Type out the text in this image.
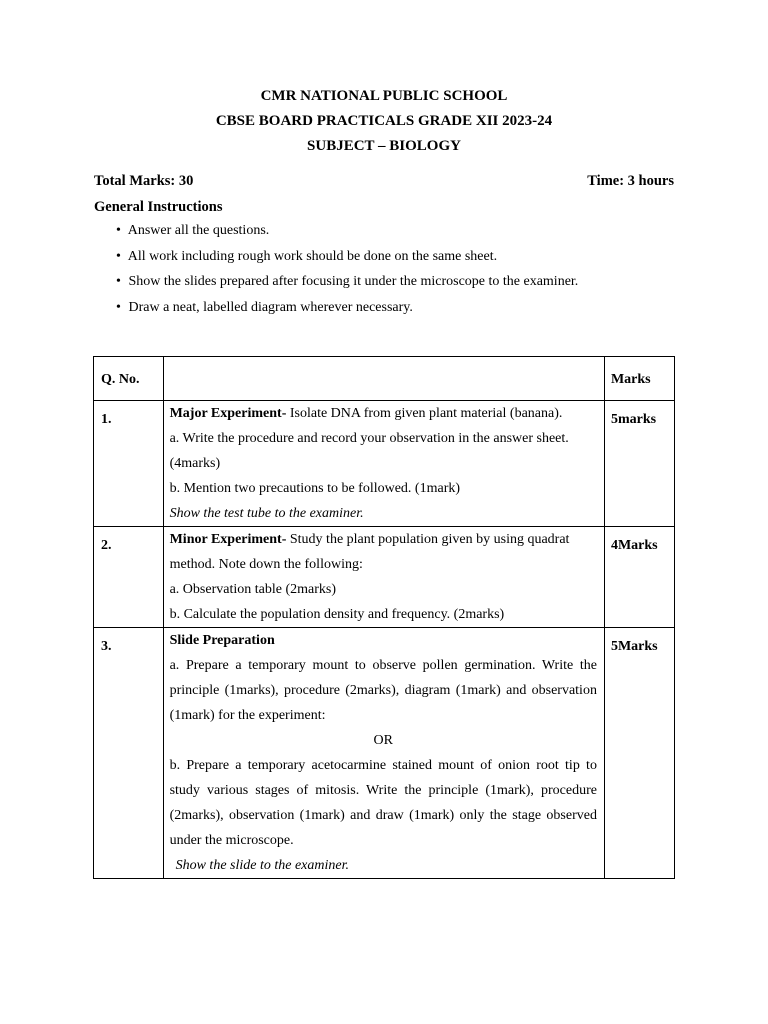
CMR NATIONAL PUBLIC SCHOOL
CBSE BOARD PRACTICALS GRADE XII 2023-24
SUBJECT – BIOLOGY
Total Marks: 30	Time: 3 hours
General Instructions
• Answer all the questions.
• All work including rough work should be done on the same sheet.
• Show the slides prepared after focusing it under the microscope to the examiner.
• Draw a neat, labelled diagram wherever necessary.
Q. No.		Marks
1.	Major Experiment- Isolate DNA from given plant material (banana).
a. Write the procedure and record your observation in the answer sheet.
(4marks)
b. Mention two precautions to be followed. (1mark)
Show the test tube to the examiner.	5marks
2.	Minor Experiment- Study the plant population given by using quadrat
method. Note down the following:
a. Observation table (2marks)
b. Calculate the population density and frequency. (2marks)	4Marks
3.	Slide Preparation
a. Prepare a temporary mount to observe pollen germination. Write the principle (1marks), procedure (2marks), diagram (1mark) and observation (1mark) for the experiment:
OR
b. Prepare a temporary acetocarmine stained mount of onion root tip to study various stages of mitosis. Write the principle (1mark), procedure (2marks), observation (1mark) and draw (1mark) only the stage observed under the microscope.
Show the slide to the examiner.	5Marks
